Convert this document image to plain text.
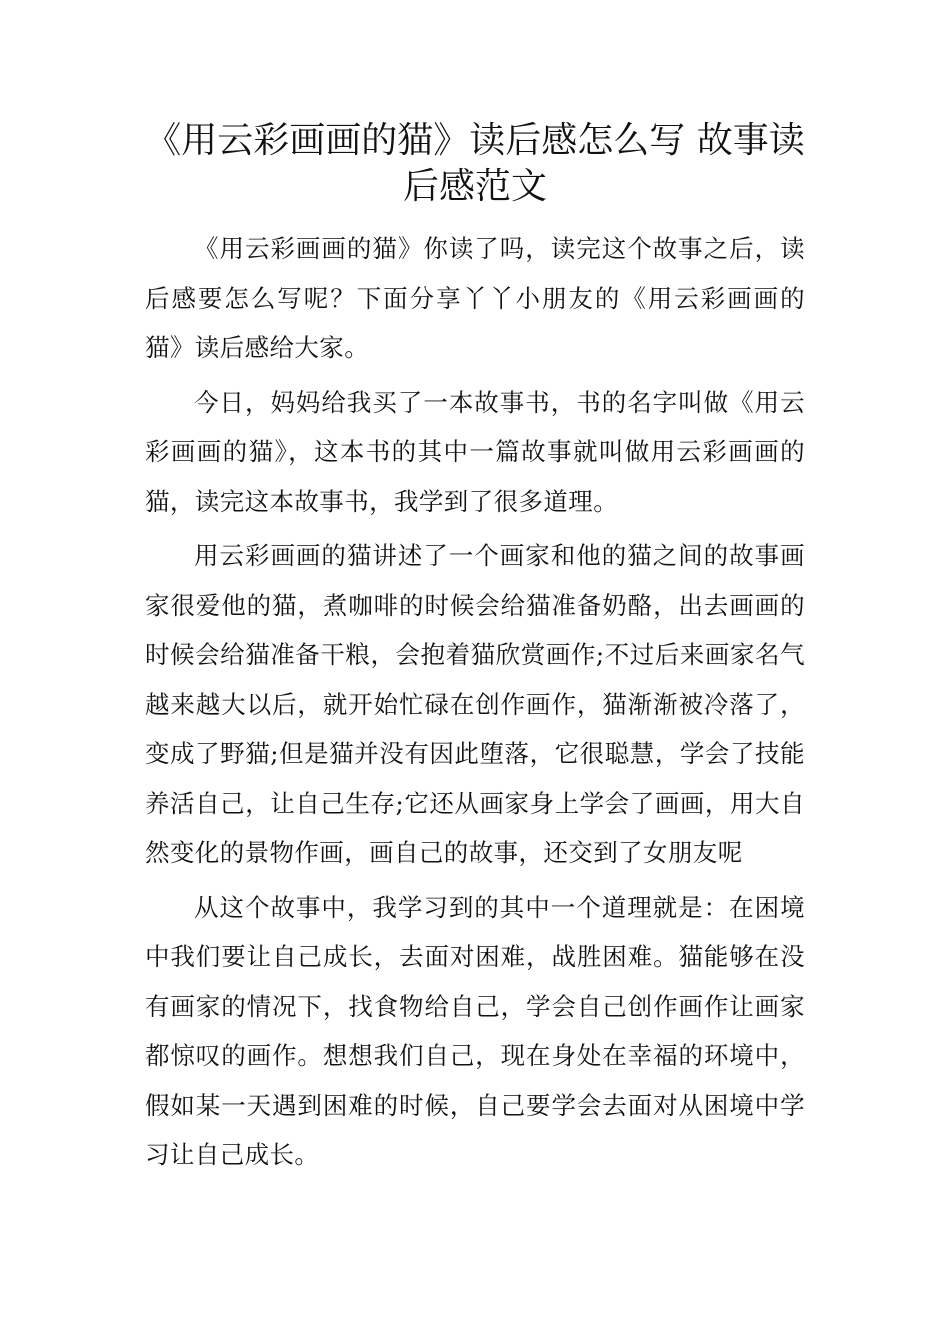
《用云彩画画的猫》读后感怎么写 故事读后感范文

《用云彩画画的猫》你读了吗，读完这个故事之后，读后感要怎么写呢？下面分享丫丫小朋友的《用云彩画画的猫》读后感给大家。

今日，妈妈给我买了一本故事书，书的名字叫做《用云彩画画的猫》，这本书的其中一篇故事就叫做用云彩画画的猫，读完这本故事书，我学到了很多道理。

用云彩画画的猫讲述了一个画家和他的猫之间的故事画家很爱他的猫，煮咖啡的时候会给猫准备奶酪，出去画画的时候会给猫准备干粮，会抱着猫欣赏画作;不过后来画家名气越来越大以后，就开始忙碌在创作画作，猫渐渐被冷落了，变成了野猫;但是猫并没有因此堕落，它很聪慧，学会了技能养活自己，让自己生存;它还从画家身上学会了画画，用大自然变化的景物作画，画自己的故事，还交到了女朋友呢

从这个故事中，我学习到的其中一个道理就是：在困境中我们要让自己成长，去面对困难，战胜困难。猫能够在没有画家的情况下，找食物给自己，学会自己创作画作让画家都惊叹的画作。想想我们自己，现在身处在幸福的环境中，假如某一天遇到困难的时候，自己要学会去面对从困境中学习让自己成长。
